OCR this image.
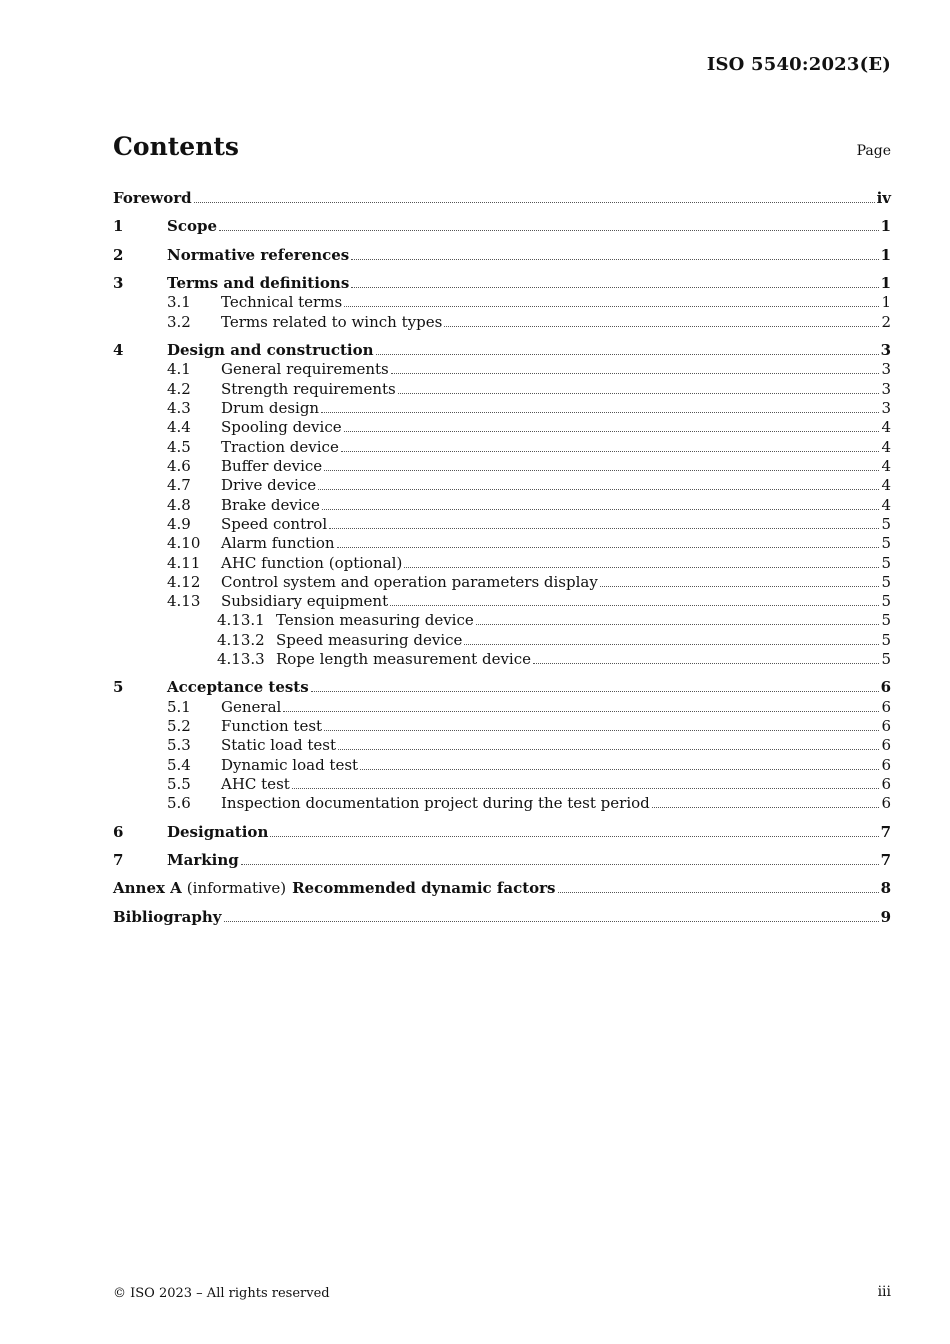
ISO 5540:2023(E)
Contents	Page
Foreword	iv
1	Scope	1
2	Normative references	1
3	Terms and definitions	1
3.1	Technical terms	1
3.2	Terms related to winch types	2
4	Design and construction	3
4.1	General requirements	3
4.2	Strength requirements	3
4.3	Drum design	3
4.4	Spooling device	4
4.5	Traction device	4
4.6	Buffer device	4
4.7	Drive device	4
4.8	Brake device	4
4.9	Speed control	5
4.10	Alarm function	5
4.11	AHC function (optional)	5
4.12	Control system and operation parameters display	5
4.13	Subsidiary equipment	5
4.13.1 Tension measuring device	5
4.13.2 Speed measuring device	5
4.13.3 Rope length measurement device	5
5	Acceptance tests	6
5.1	General	6
5.2	Function test	6
5.3	Static load test	6
5.4	Dynamic load test	6
5.5	AHC test	6
5.6	Inspection documentation project during the test period	6
6	Designation	7
7	Marking	7
Annex A (informative) Recommended dynamic factors	8
Bibliography	9
© ISO 2023 – All rights reserved	iii
